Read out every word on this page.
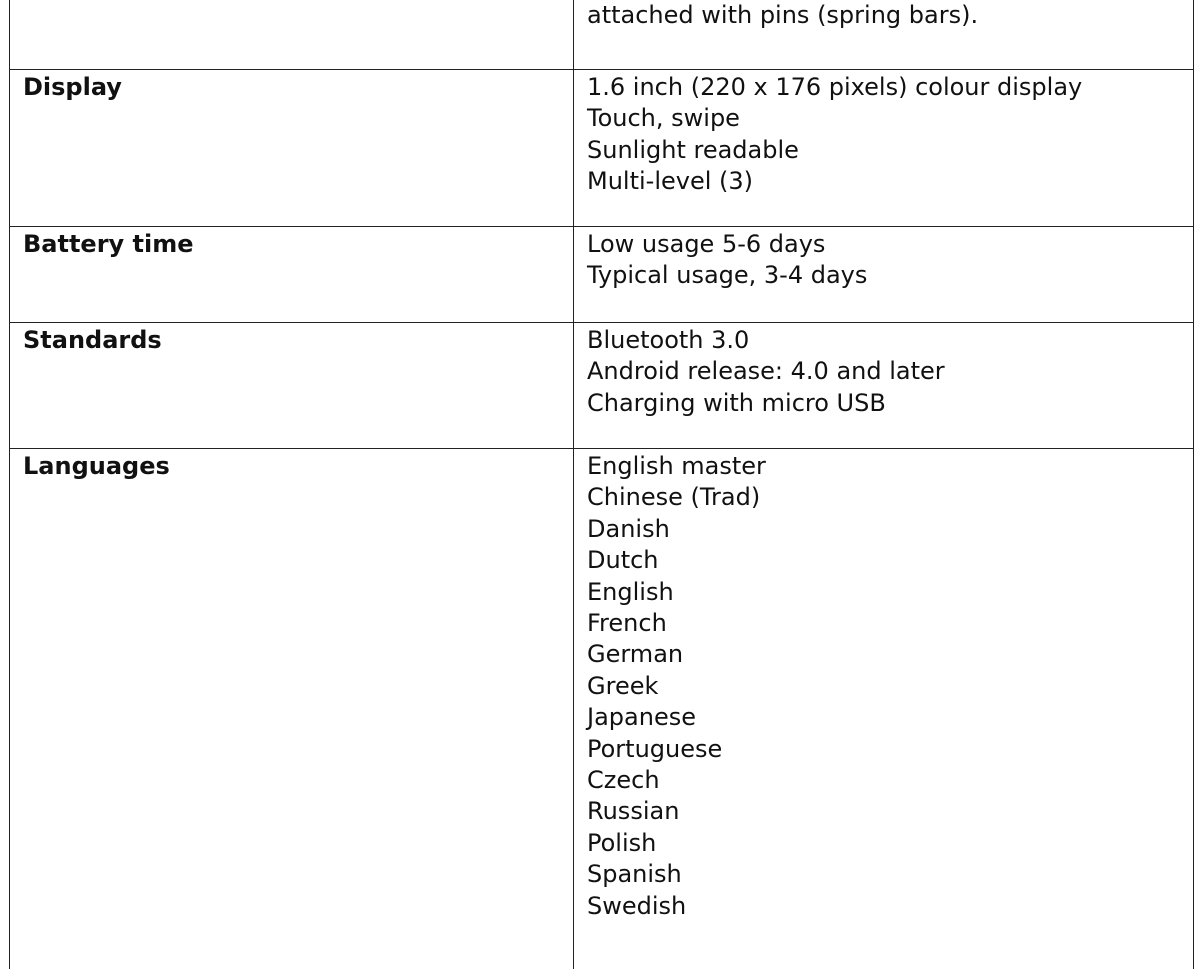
attached with pins (spring bars).
Display	1.6 inch (220 x 176 pixels) colour display
Touch, swipe
Sunlight readable
Multi-level (3)
Battery time	Low usage 5-6 days
Typical usage, 3-4 days
Standards	Bluetooth 3.0
Android release: 4.0 and later
Charging with micro USB
Languages	English master
Chinese (Trad)
Danish
Dutch
English
French
German
Greek
Japanese
Portuguese
Czech
Russian
Polish
Spanish
Swedish
